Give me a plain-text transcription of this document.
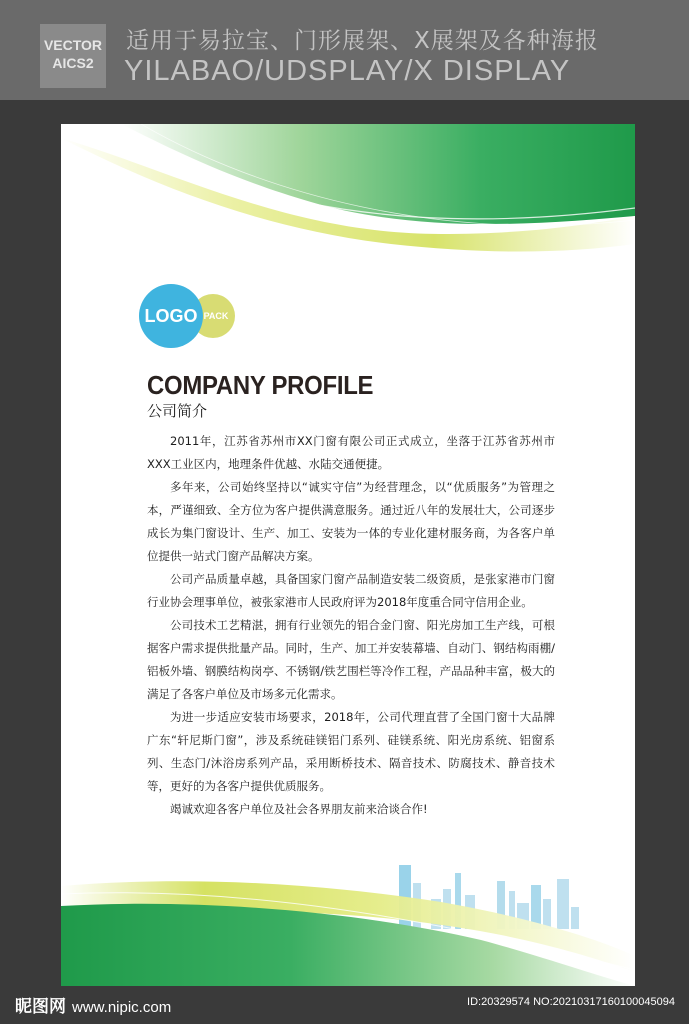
VECTOR
AICS2
适用于易拉宝、门形展架、X展架及各种海报
YILABAO/UDSPLAY/X DISPLAY
LOGO PACK
COMPANY PROFILE
公司简介

2011年，江苏省苏州市XX门窗有限公司正式成立，坐落于江苏省苏州市XXX工业区内，地理条件优越、水陆交通便捷。

多年来，公司始终坚持以“诚实守信”为经营理念，以“优质服务”为管理之本，严谨细致、全方位为客户提供满意服务。通过近八年的发展壮大，公司逐步成长为集门窗设计、生产、加工、安装为一体的专业化建材服务商，为各客户单位提供一站式门窗产品解决方案。

公司产品质量卓越，具备国家门窗产品制造安装二级资质，是张家港市门窗行业协会理事单位，被张家港市人民政府评为2018年度重合同守信用企业。

公司技术工艺精湛，拥有行业领先的铝合金门窗、阳光房加工生产线，可根据客户需求提供批量产品。同时，生产、加工并安装幕墙、自动门、钢结构雨棚/铝板外墙、钢膜结构岗亭、不锈钢/铁艺围栏等冷作工程，产品品种丰富，极大的满足了各客户单位及市场多元化需求。

为进一步适应安装市场要求，2018年，公司代理直营了全国门窗十大品牌广东“轩尼斯门窗”，涉及系统硅镁铝门系列、硅镁系统、阳光房系统、铝窗系列、生态门/沐浴房系列产品，采用断桥技术、隔音技术、防腐技术、静音技术等，更好的为各客户提供优质服务。

竭诚欢迎各客户单位及社会各界朋友前来洽谈合作!

昵图网 www.nipic.com	ID:20329574 NO:20210317160100045094
